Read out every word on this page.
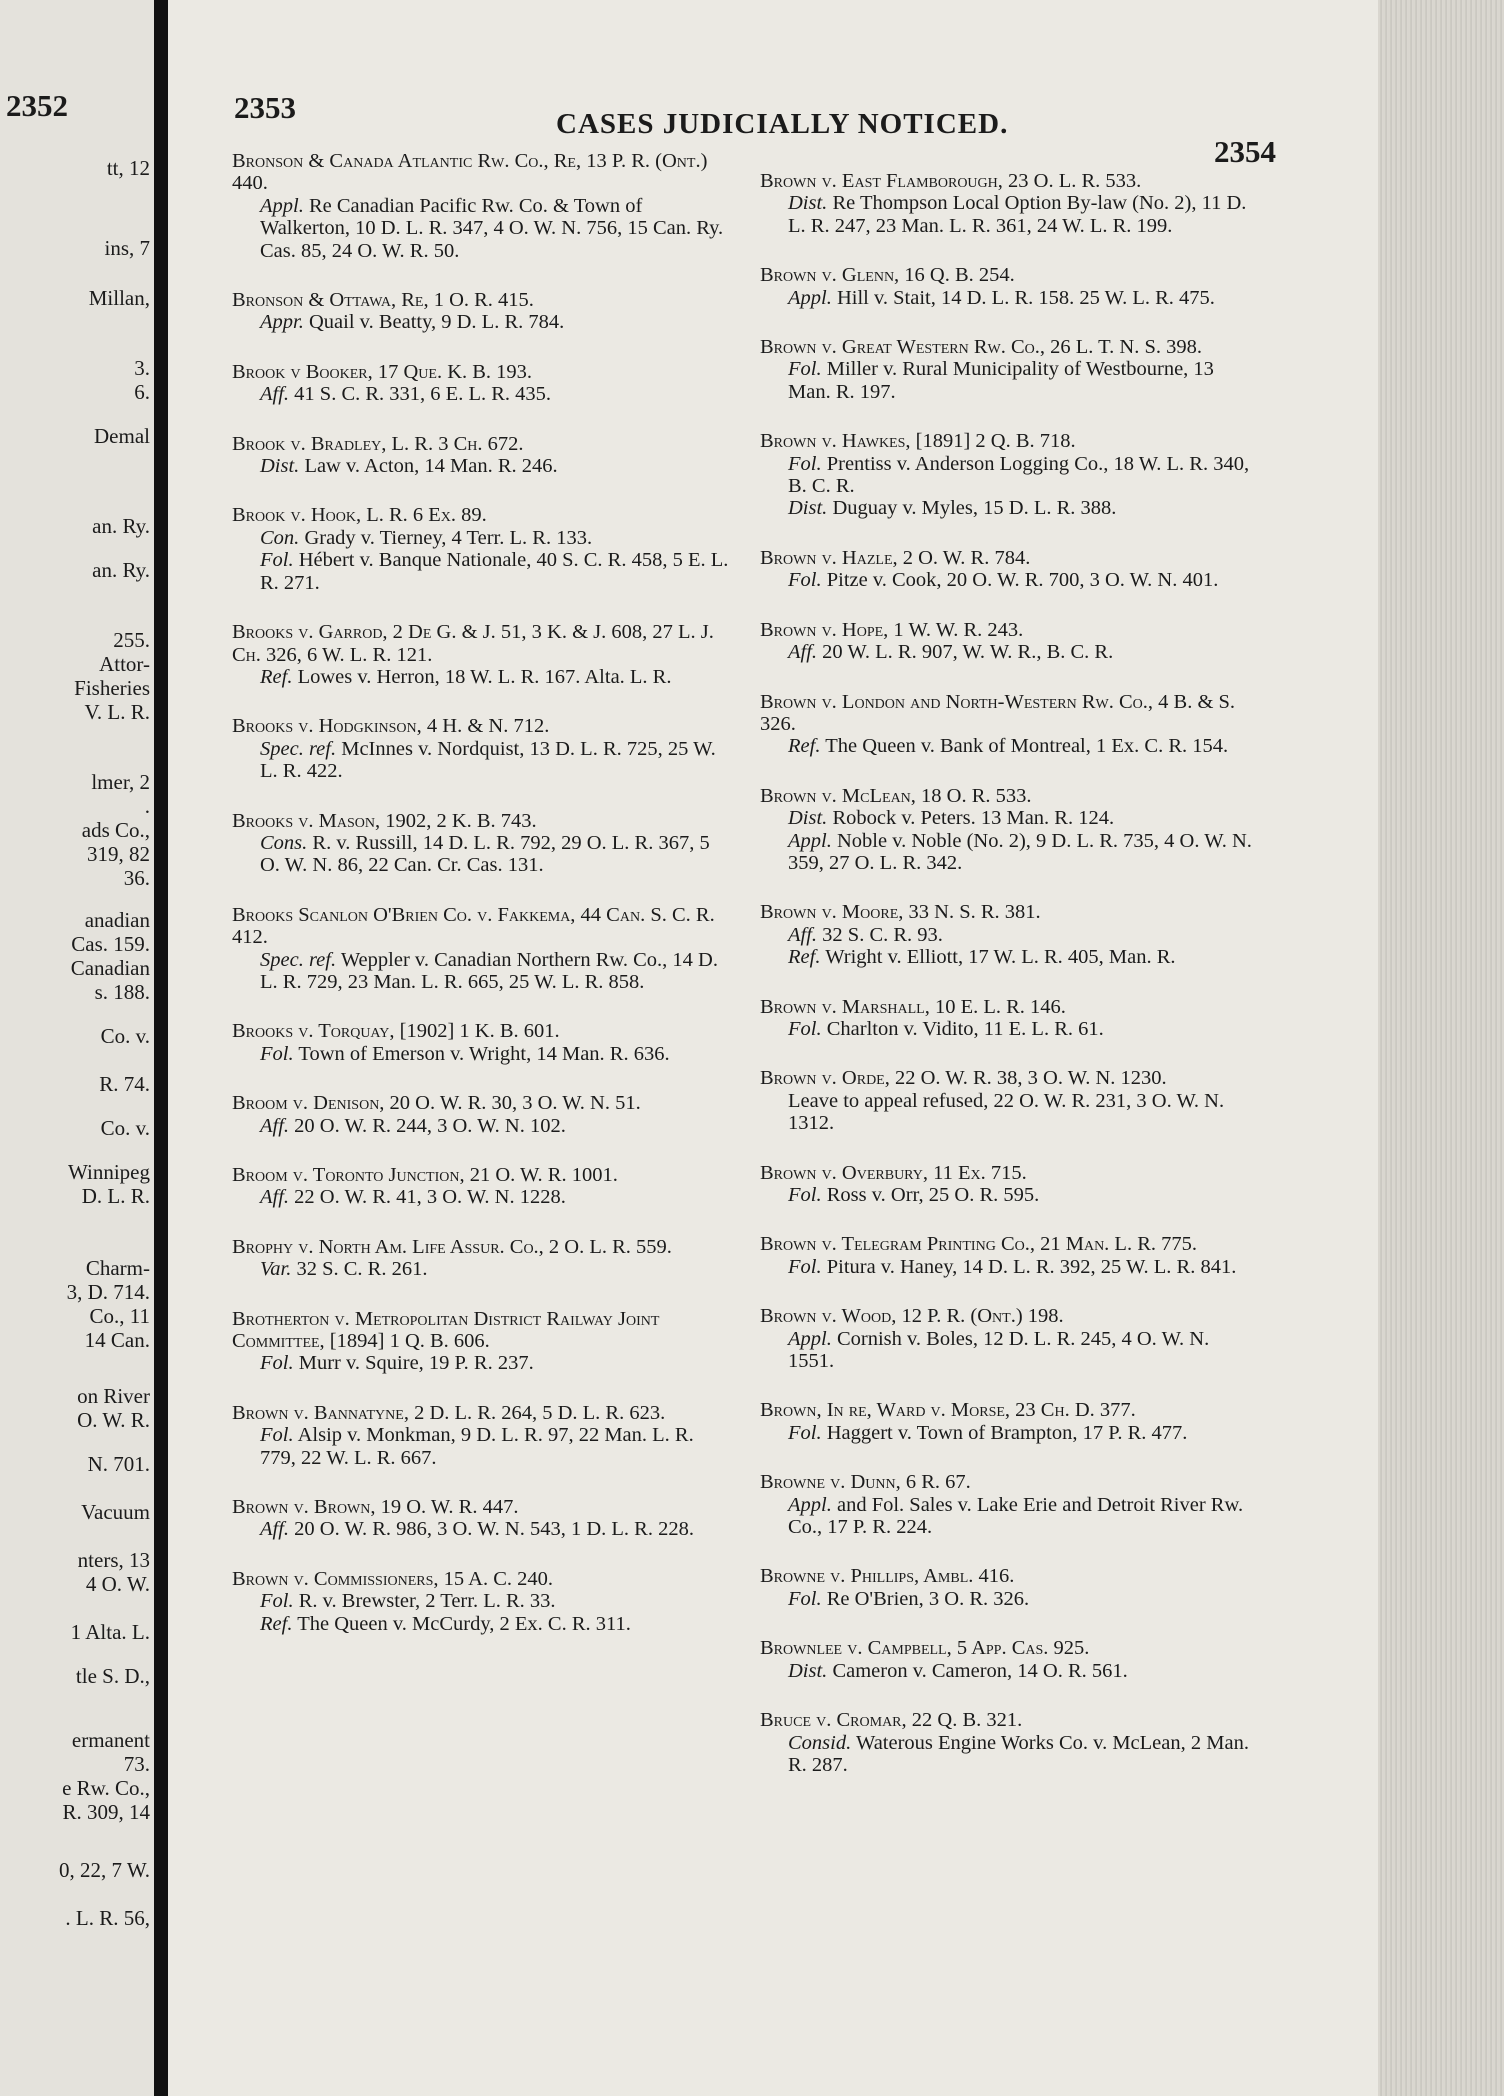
2352
tt, 12
ins, 7
Millan,
3.
6.
Demal
an. Ry.
an. Ry.
255.
Attor-
Fisheries
V. L. R.
lmer, 2
.
ads Co.,
319, 82
36.
anadian
Cas. 159.
Canadian
s. 188.
Co. v.
R. 74.
Co. v.
Winnipeg
D. L. R.
Charm-
3, D. 714.
Co., 11
14 Can.
on River
O. W. R.
N. 701.
Vacuum
nters, 13
4 O. W.
1 Alta. L.
tle S. D.,
ermanent
73.
e Rw. Co.,
R. 309, 14
0, 22, 7 W.
. L. R. 56,
2353	CASES JUDICIALLY NOTICED.
2354
Bronson & Canada Atlantic Rw. Co., Re, 13 P. R. (Ont.) 440.
Appl. Re Canadian Pacific Rw. Co. & Town of Walkerton, 10 D. L. R. 347, 4 O. W. N. 756, 15 Can. Ry. Cas. 85, 24 O. W. R. 50.
Bronson & Ottawa, Re, 1 O. R. 415.
Appr. Quail v. Beatty, 9 D. L. R. 784.
Brook v Booker, 17 Que. K. B. 193.
Aff. 41 S. C. R. 331, 6 E. L. R. 435.
Brook v. Bradley, L. R. 3 Ch. 672.
Dist. Law v. Acton, 14 Man. R. 246.
Brook v. Hook, L. R. 6 Ex. 89.
Con. Grady v. Tierney, 4 Terr. L. R. 133.
Fol. Hébert v. Banque Nationale, 40 S. C. R. 458, 5 E. L. R. 271.
Brooks v. Garrod, 2 De G. & J. 51, 3 K. & J. 608, 27 L. J. Ch. 326, 6 W. L. R. 121.
Ref. Lowes v. Herron, 18 W. L. R. 167. Alta. L. R.
Brooks v. Hodgkinson, 4 H. & N. 712.
Spec. ref. McInnes v. Nordquist, 13 D. L. R. 725, 25 W. L. R. 422.
Brooks v. Mason, 1902, 2 K. B. 743.
Cons. R. v. Russill, 14 D. L. R. 792, 29 O. L. R. 367, 5 O. W. N. 86, 22 Can. Cr. Cas. 131.
Brooks Scanlon O'Brien Co. v. Fakkema, 44 Can. S. C. R. 412.
Spec. ref. Weppler v. Canadian Northern Rw. Co., 14 D. L. R. 729, 23 Man. L. R. 665, 25 W. L. R. 858.
Brooks v. Torquay, [1902] 1 K. B. 601.
Fol. Town of Emerson v. Wright, 14 Man. R. 636.
Broom v. Denison, 20 O. W. R. 30, 3 O. W. N. 51.
Aff. 20 O. W. R. 244, 3 O. W. N. 102.
Broom v. Toronto Junction, 21 O. W. R. 1001.
Aff. 22 O. W. R. 41, 3 O. W. N. 1228.
Brophy v. North Am. Life Assur. Co., 2 O. L. R. 559.
Var. 32 S. C. R. 261.
Brotherton v. Metropolitan District Railway Joint Committee, [1894] 1 Q. B. 606.
Fol. Murr v. Squire, 19 P. R. 237.
Brown v. Bannatyne, 2 D. L. R. 264, 5 D. L. R. 623.
Fol. Alsip v. Monkman, 9 D. L. R. 97, 22 Man. L. R. 779, 22 W. L. R. 667.
Brown v. Brown, 19 O. W. R. 447.
Aff. 20 O. W. R. 986, 3 O. W. N. 543, 1 D. L. R. 228.
Brown v. Commissioners, 15 A. C. 240.
Fol. R. v. Brewster, 2 Terr. L. R. 33.
Ref. The Queen v. McCurdy, 2 Ex. C. R. 311.
Brown v. East Flamborough, 23 O. L. R. 533.
Dist. Re Thompson Local Option By-law (No. 2), 11 D. L. R. 247, 23 Man. L. R. 361, 24 W. L. R. 199.
Brown v. Glenn, 16 Q. B. 254.
Appl. Hill v. Stait, 14 D. L. R. 158. 25 W. L. R. 475.
Brown v. Great Western Rw. Co., 26 L. T. N. S. 398.
Fol. Miller v. Rural Municipality of Westbourne, 13 Man. R. 197.
Brown v. Hawkes, [1891] 2 Q. B. 718.
Fol. Prentiss v. Anderson Logging Co., 18 W. L. R. 340, B. C. R.
Dist. Duguay v. Myles, 15 D. L. R. 388.
Brown v. Hazle, 2 O. W. R. 784.
Fol. Pitze v. Cook, 20 O. W. R. 700, 3 O. W. N. 401.
Brown v. Hope, 1 W. W. R. 243.
Aff. 20 W. L. R. 907, W. W. R., B. C. R.
Brown v. London and North-Western Rw. Co., 4 B. & S. 326.
Ref. The Queen v. Bank of Montreal, 1 Ex. C. R. 154.
Brown v. McLean, 18 O. R. 533.
Dist. Robock v. Peters. 13 Man. R. 124.
Appl. Noble v. Noble (No. 2), 9 D. L. R. 735, 4 O. W. N. 359, 27 O. L. R. 342.
Brown v. Moore, 33 N. S. R. 381.
Aff. 32 S. C. R. 93.
Ref. Wright v. Elliott, 17 W. L. R. 405, Man. R.
Brown v. Marshall, 10 E. L. R. 146.
Fol. Charlton v. Vidito, 11 E. L. R. 61.
Brown v. Orde, 22 O. W. R. 38, 3 O. W. N. 1230.
Leave to appeal refused, 22 O. W. R. 231, 3 O. W. N. 1312.
Brown v. Overbury, 11 Ex. 715.
Fol. Ross v. Orr, 25 O. R. 595.
Brown v. Telegram Printing Co., 21 Man. L. R. 775.
Fol. Pitura v. Haney, 14 D. L. R. 392, 25 W. L. R. 841.
Brown v. Wood, 12 P. R. (Ont.) 198.
Appl. Cornish v. Boles, 12 D. L. R. 245, 4 O. W. N. 1551.
Brown, In re, Ward v. Morse, 23 Ch. D. 377.
Fol. Haggert v. Town of Brampton, 17 P. R. 477.
Browne v. Dunn, 6 R. 67.
Appl. and Fol. Sales v. Lake Erie and Detroit River Rw. Co., 17 P. R. 224.
Browne v. Phillips, Ambl. 416.
Fol. Re O'Brien, 3 O. R. 326.
Brownlee v. Campbell, 5 App. Cas. 925.
Dist. Cameron v. Cameron, 14 O. R. 561.
Bruce v. Cromar, 22 Q. B. 321.
Consid. Waterous Engine Works Co. v. McLean, 2 Man. R. 287.
